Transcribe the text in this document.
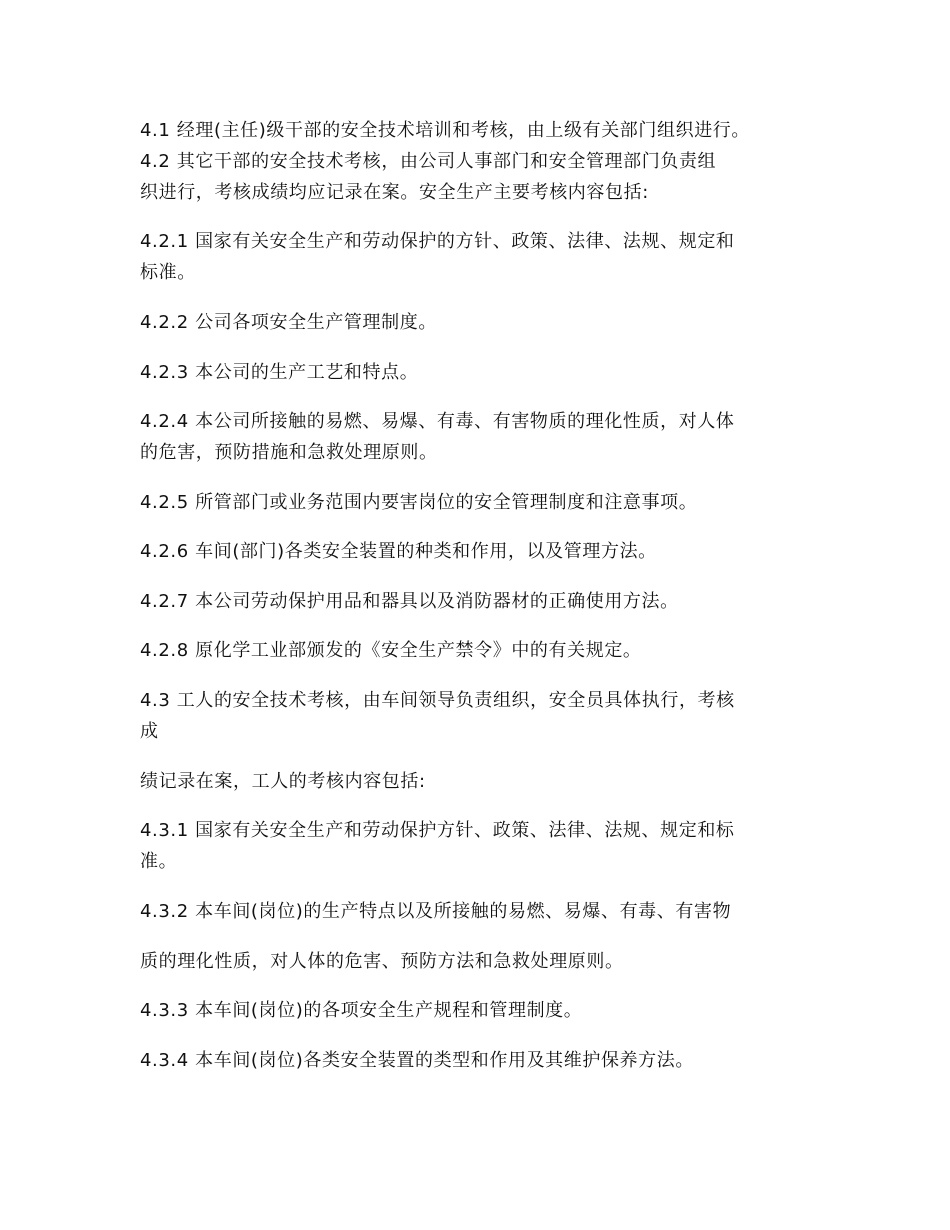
4.1 经理(主任)级干部的安全技术培训和考核，由上级有关部门组织进行。
4.2 其它干部的安全技术考核，由公司人事部门和安全管理部门负责组
织进行，考核成绩均应记录在案。安全生产主要考核内容包括:
4.2.1 国家有关安全生产和劳动保护的方针、政策、法律、法规、规定和
标准。
4.2.2 公司各项安全生产管理制度。
4.2.3 本公司的生产工艺和特点。
4.2.4 本公司所接触的易燃、易爆、有毒、有害物质的理化性质，对人体
的危害，预防措施和急救处理原则。
4.2.5 所管部门或业务范围内要害岗位的安全管理制度和注意事项。
4.2.6 车间(部门)各类安全装置的种类和作用，以及管理方法。
4.2.7 本公司劳动保护用品和器具以及消防器材的正确使用方法。
4.2.8 原化学工业部颁发的《安全生产禁令》中的有关规定。
4.3 工人的安全技术考核，由车间领导负责组织，安全员具体执行，考核
成
绩记录在案，工人的考核内容包括:
4.3.1 国家有关安全生产和劳动保护方针、政策、法律、法规、规定和标
准。
4.3.2 本车间(岗位)的生产特点以及所接触的易燃、易爆、有毒、有害物
质的理化性质，对人体的危害、预防方法和急救处理原则。
4.3.3 本车间(岗位)的各项安全生产规程和管理制度。
4.3.4 本车间(岗位)各类安全装置的类型和作用及其维护保养方法。
